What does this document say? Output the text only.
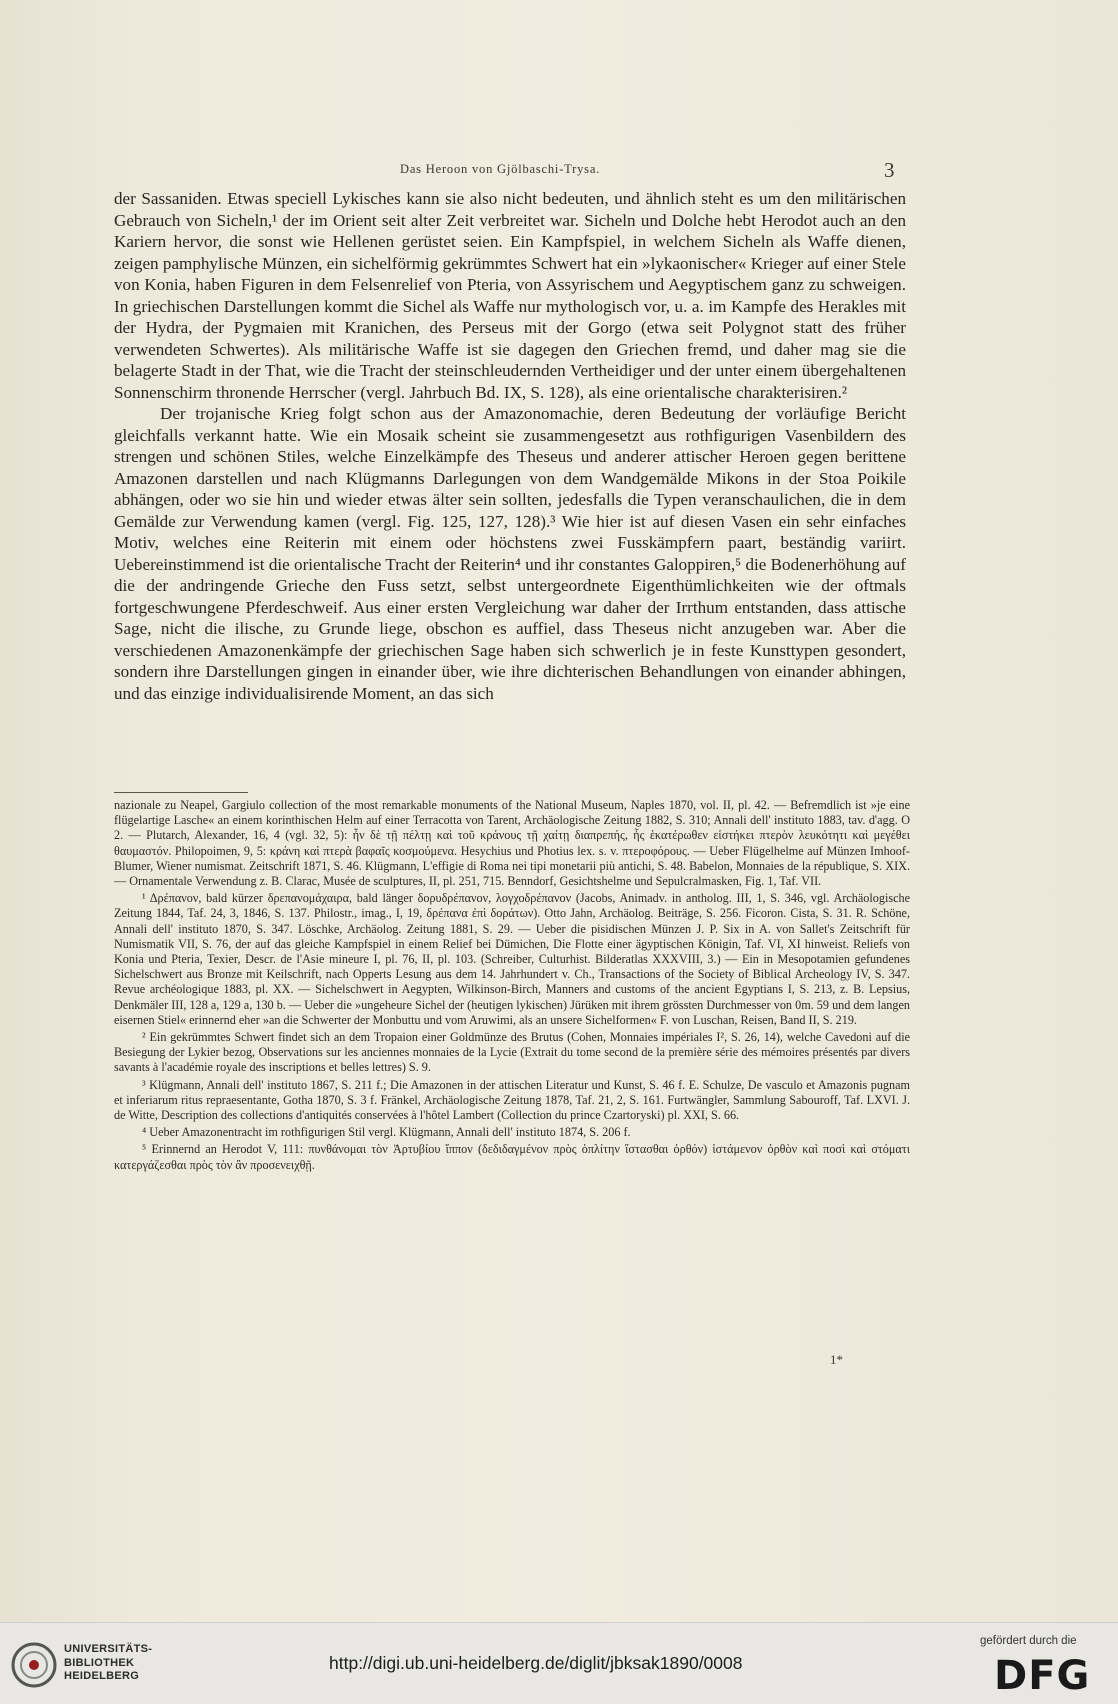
Das Heroon von Gjölbaschi-Trysa.	3

der Sassaniden. Etwas speciell Lykisches kann sie also nicht bedeuten, und ähnlich steht es um den militärischen Gebrauch von Sicheln,¹ der im Orient seit alter Zeit verbreitet war. Sicheln und Dolche hebt Herodot auch an den Kariern hervor, die sonst wie Hellenen gerüstet seien. Ein Kampfspiel, in welchem Sicheln als Waffe dienen, zeigen pamphylische Münzen, ein sichelförmig gekrümmtes Schwert hat ein »lykaonischer« Krieger auf einer Stele von Konia, haben Figuren in dem Felsenrelief von Pteria, von Assyrischem und Aegyptischem ganz zu schweigen. In griechischen Darstellungen kommt die Sichel als Waffe nur mythologisch vor, u. a. im Kampfe des Herakles mit der Hydra, der Pygmaien mit Kranichen, des Perseus mit der Gorgo (etwa seit Polygnot statt des früher verwendeten Schwertes). Als militärische Waffe ist sie dagegen den Griechen fremd, und daher mag sie die belagerte Stadt in der That, wie die Tracht der steinschleudernden Vertheidiger und der unter einem übergehaltenen Sonnenschirm thronende Herrscher (vergl. Jahrbuch Bd. IX, S. 128), als eine orientalische charakterisiren.²

Der trojanische Krieg folgt schon aus der Amazonomachie, deren Bedeutung der vorläufige Bericht gleichfalls verkannt hatte. Wie ein Mosaik scheint sie zusammengesetzt aus rothfigurigen Vasenbildern des strengen und schönen Stiles, welche Einzelkämpfe des Theseus und anderer attischer Heroen gegen berittene Amazonen darstellen und nach Klügmanns Darlegungen von dem Wandgemälde Mikons in der Stoa Poikile abhängen, oder wo sie hin und wieder etwas älter sein sollten, jedesfalls die Typen veranschaulichen, die in dem Gemälde zur Verwendung kamen (vergl. Fig. 125, 127, 128).³ Wie hier ist auf diesen Vasen ein sehr einfaches Motiv, welches eine Reiterin mit einem oder höchstens zwei Fusskämpfern paart, beständig variirt. Uebereinstimmend ist die orientalische Tracht der Reiterin⁴ und ihr constantes Galoppiren,⁵ die Bodenerhöhung auf die der andringende Grieche den Fuss setzt, selbst untergeordnete Eigenthümlichkeiten wie der oftmals fortgeschwungene Pferdeschweif. Aus einer ersten Vergleichung war daher der Irrthum entstanden, dass attische Sage, nicht die ilische, zu Grunde liege, obschon es auffiel, dass Theseus nicht anzugeben war. Aber die verschiedenen Amazonenkämpfe der griechischen Sage haben sich schwerlich je in feste Kunsttypen gesondert, sondern ihre Darstellungen gingen in einander über, wie ihre dichterischen Behandlungen von einander abhingen, und das einzige individualisirende Moment, an das sich

nazionale zu Neapel, Gargiulo collection of the most remarkable monuments of the National Museum, Naples 1870, vol. II, pl. 42. — Befremdlich ist »je eine flügelartige Lasche« an einem korinthischen Helm auf einer Terracotta von Tarent, Archäologische Zeitung 1882, S. 310; Annali dell' instituto 1883, tav. d'agg. O 2. — Plutarch, Alexander, 16, 4 (vgl. 32, 5): ἦν δὲ τῇ πέλτῃ καὶ τοῦ κράνους τῇ χαίτῃ διαπρεπής, ἧς ἑκατέρωθεν εἱστήκει πτερὸν λευκότητι καὶ μεγέθει θαυμαστόν. Philopoimen, 9, 5: κράνη καὶ πτερὰ βαφαῖς κοσμούμενα. Hesychius und Photius lex. s. v. πτεροφόρους. — Ueber Flügelhelme auf Münzen Imhoof-Blumer, Wiener numismat. Zeitschrift 1871, S. 46. Klügmann, L'effigie di Roma nei tipi monetarii più antichi, S. 48. Babelon, Monnaies de la république, S. XIX. — Ornamentale Verwendung z. B. Clarac, Musée de sculptures, II, pl. 251, 715. Benndorf, Gesichtshelme und Sepulcralmasken, Fig. 1, Taf. VII.

¹ Δρέπανον, bald kürzer δρεπανομάχαιρα, bald länger δορυδρέπανον, λογχοδρέπανον (Jacobs, Animadv. in antholog. III, 1, S. 346, vgl. Archäologische Zeitung 1844, Taf. 24, 3, 1846, S. 137. Philostr., imag., I, 19, δρέπανα ἐπὶ δοράτων). Otto Jahn, Archäolog. Beiträge, S. 256. Ficoron. Cista, S. 31. R. Schöne, Annali dell' instituto 1870, S. 347. Löschke, Archäolog. Zeitung 1881, S. 29. — Ueber die pisidischen Münzen J. P. Six in A. von Sallet's Zeitschrift für Numismatik VII, S. 76, der auf das gleiche Kampfspiel in einem Relief bei Dümichen, Die Flotte einer ägyptischen Königin, Taf. VI, XI hinweist. Reliefs von Konia und Pteria, Texier, Descr. de l'Asie mineure I, pl. 76, II, pl. 103. (Schreiber, Culturhist. Bilderatlas XXXVIII, 3.) — Ein in Mesopotamien gefundenes Sichelschwert aus Bronze mit Keilschrift, nach Opperts Lesung aus dem 14. Jahrhundert v. Ch., Transactions of the Society of Biblical Archeology IV, S. 347. Revue archéologique 1883, pl. XX. — Sichelschwert in Aegypten, Wilkinson-Birch, Manners and customs of the ancient Egyptians I, S. 213, z. B. Lepsius, Denkmäler III, 128 a, 129 a, 130 b. — Ueber die »ungeheure Sichel der (heutigen lykischen) Jürüken mit ihrem grössten Durchmesser von 0m. 59 und dem langen eisernen Stiel« erinnernd eher »an die Schwerter der Monbuttu und vom Aruwimi, als an unsere Sichelformen« F. von Luschan, Reisen, Band II, S. 219.

² Ein gekrümmtes Schwert findet sich an dem Tropaion einer Goldmünze des Brutus (Cohen, Monnaies impériales I², S. 26, 14), welche Cavedoni auf die Besiegung der Lykier bezog, Observations sur les anciennes monnaies de la Lycie (Extrait du tome second de la première série des mémoires présentés par divers savants à l'académie royale des inscriptions et belles lettres) S. 9.

³ Klügmann, Annali dell' instituto 1867, S. 211 f.; Die Amazonen in der attischen Literatur und Kunst, S. 46 f. E. Schulze, De vasculo et Amazonis pugnam et inferiarum ritus repraesentante, Gotha 1870, S. 3 f. Fränkel, Archäologische Zeitung 1878, Taf. 21, 2, S. 161. Furtwängler, Sammlung Sabouroff, Taf. LXVI. J. de Witte, Description des collections d'antiquités conservées à l'hôtel Lambert (Collection du prince Czartoryski) pl. XXI, S. 66.

⁴ Ueber Amazonentracht im rothfigurigen Stil vergl. Klügmann, Annali dell' instituto 1874, S. 206 f.

⁵ Erinnernd an Herodot V, 111: πυνθάνομαι τὸν Ἀρτυβίου ἵππον (δεδιδαγμένον πρὸς ὁπλίτην ἵστασθαι ὀρθόν) ἱστάμενον ὀρθὸν καὶ ποσὶ καὶ στόματι κατεργάζεσθαι πρὸς τὸν ἂν προσενειχθῇ.

1*
UNIVERSITÄTS-
BIBLIOTHEK
HEIDELBERG
http://digi.ub.uni-heidelberg.de/diglit/jbksak1890/0008
gefördert durch die
DFG
